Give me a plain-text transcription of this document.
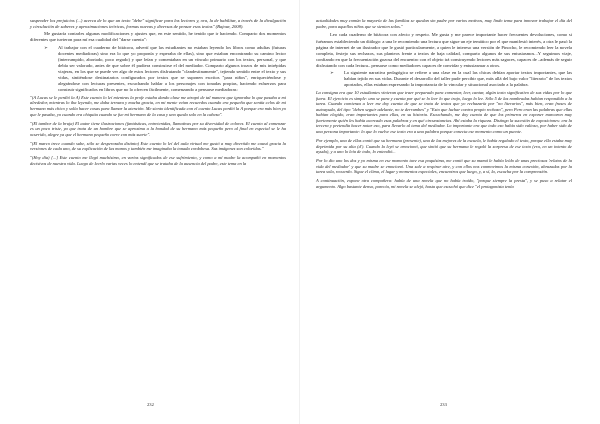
suspender los prejuicios (...) acerca de lo que un texto "debe" significar para los lectores y, ora, la de habilitar, a través de la divulgación y circulación de saberes y aproximaciones teóricas, formas nuevas y diversas de pensar esos textos" (Bajour, 2008).

Me gustaría contarles algunas modificaciones y ajustes que, en este sentido, he tenido que ir haciendo. Comparto dos momentos diferentes que tuvieron para mí esa cualidad del "darse cuenta":

➢ Al trabajar con el cuaderno de bitácora, advertí que las estudiantes no estaban leyendo los libros como adultas (futuras docentes mediadoras) sino era lo que yo proponía y esperaba de ellas), sino que estaban encontrando su camino lector (interrumpido, abortado, poco regado) y que leían y comentaban en un vínculo primario con los textos, personal, y que debía ser valorado, antes de que sobre él pudiera construirse el del mediador. Comparto algunos trozos de mis intrépidas viajeras, en los que se puede ver algo de estos lectores disfrutando "clandestinamente", tejiendo sentido entre el texto y sus vidas, sintiéndose destinatarios configurados por textos que se suponen escritos "para niños", enriqueciéndose y alegrándose con lecturas presentes, escuchando hablar a los personajes con tonadas propias, haciendo esfuerzos para construir significados en libros que no lo ofrecen fácilmente, comenzando a pensarse mediadoras:

"(A Lucas se le perdió la A) Este cuento lo leí mientras la profe estaba dando clase me atrapó de tal manera que ignoraba lo que pasaba a mi alrededor, mientras lo iba leyendo, me daba ternura y mucha gracia, en mi mente veían recuerdos cuando era pequeña que sentía celos de mi hermano más chico y solía hacer cosas para llamar la atención. Me siento identificada con el cuento Lucas perdió la A porque era más bien yo que le pasaba, yo cuando era chiquita cuando se fue mi hermano de la casa y uno queda solo en la cabeza".

"(El tambor de la bruja) El autor tiene ilustraciones (fantásticas, entretenidas, llamativas por su diversidad de colores. El cuento al comenzar es un poco triste, ya que trata de un hombre que se aproxima a la bondad de su hermano más pequeño pero al final en especial se le ha ocurrido, alegre ya que el hermano pequeño corre con más suerte".

"(El marco trece cuando sube, sólo se desperezaba distinto) Este cuento lo leí del aula virtual me gustó a muy divertido me causó gracia la versiones de cada uno, de su explicación de las manos y también me imaginaba la tonada cordobesa. Sus imágenes son coloridas."

"(Hoy día) [...] Este cuento me llegó muchísimo, en varios significados de ese sufrimiento, y como a mí madre la acompañó en momentos decisivos de nuestra vida. Luego de leerlo varias veces lo entendí que se trataba de la ausencia del padre, este tema en la

232

actualidades muy común la mayoría de las familias se quedan sin padre por varios motivos, muy lindo tema para innovar trabajar el día del padre, para aquellos niños que se sienten solos."

Leo cada cuaderno de bitácora con afecto y respeto. Me gusta y me parece importante hacer frecuentes devoluciones, como si fuéramos estableciendo un diálogo: a una le recomiendo una lectura que sigue un eje temático por el que manifestó interés, a otra le pasó la página de internet de un ilustrador que le gustó particularmente, a quien le intereso una versión de Pinocho, le recomiendo leer la novela completa, festejo sus rechazos, sus planteos frente a textos de baja calidad, comparto algunos de sus entusiasmos...Y seguimos viaje, confiando en que la frecuentación gozosa del encuentro con el objeto irá construyendo lectores más sagaces, capaces de –además de seguir disfrutando con cada lectura– pensarse como mediadores capaces de convidar y entusiasmar a otros.

➢ La siguiente narrativa pedagógica se refiere a una clase en la cual las chicas debían aportar textos importantes, que las habían tejido en sus vidas. Durante el desarrollo del taller pude percibir que, más allá del bajo valor "literario" de los textos aportados, ellas estaban expresando la importancia de lo vincular y situacional asociado a la palabra.

La consigna era que 10 estudiantes vinieran que traer preparado para comentar, leer, cantar, algún texto significativo de sus vidas por lo que fuera. El ejercicio es simple: uno se para y cuenta por qué se lo leer lo que trajo, luego lo lee. Sólo 5 de las nombradas habían respondido a la tarea. Cuando comienza a leer me doy cuenta de que se trata de textos que yo rechazaría por "no literarios", más bien, eran frases de autoayuda, del tipo "deben seguir adelante, no te derrumbes" y "Esto que luchar contra propio rechazo", pero Pero eran las palabras que ellas habían elegido, eran importantes para ellas, en su historia. Escuchando, me doy cuenta de que los primeros en exponer marcaron muy fuertemente quién les había acercado esas palabras y en qué circunstancias. Ahí estaba la riqueza. Distingo la sucesión de exposiciones: era la tercera y pretendía hacer notar eso, para llevarlo al tema del mediador. Lo importante era que todo eso había sido valioso, por haber sido de una persona importante: lo que lo vuelve ese texto era a una palabra porque conecta ese momento como un puente.

Por ejemplo, una de ellas contó que su hermana (presente), una de las mejores de la escuela, le había regalado el texto, porque ella estaba muy deprimida por su alta (d'). Cuando la leyó se emocionó, que sintió que su hermana le regaló la sorpresa de ese texto (era, en un intento de ayuda), y a uno lo leía de todo, lo entendió...

Por lo dio uno los dos y yo misma en ese momento tuve esa poquísima, me contó que su mamá le había leído de unas preciosas 'relatos de la vida del mediador' y que su madre se emocionó. Una sale a respirar aire, y con ellos nos conmovimos la misma conexión, abrazadas por la tarea sola, recuerdo. Sigue el clima, el lugar y momentos especiales, encuentros que luego, y, a sí, la, escucha por la comprensión.

A continuación, expone otra compañera: había de una novela que no había traído, "porque siempre la presta", y se puso a relatar el argumento. Algo bastante denso, parecía, mi novela se alejó, hasta que escuchó que dice "el protagonista tenía

233
